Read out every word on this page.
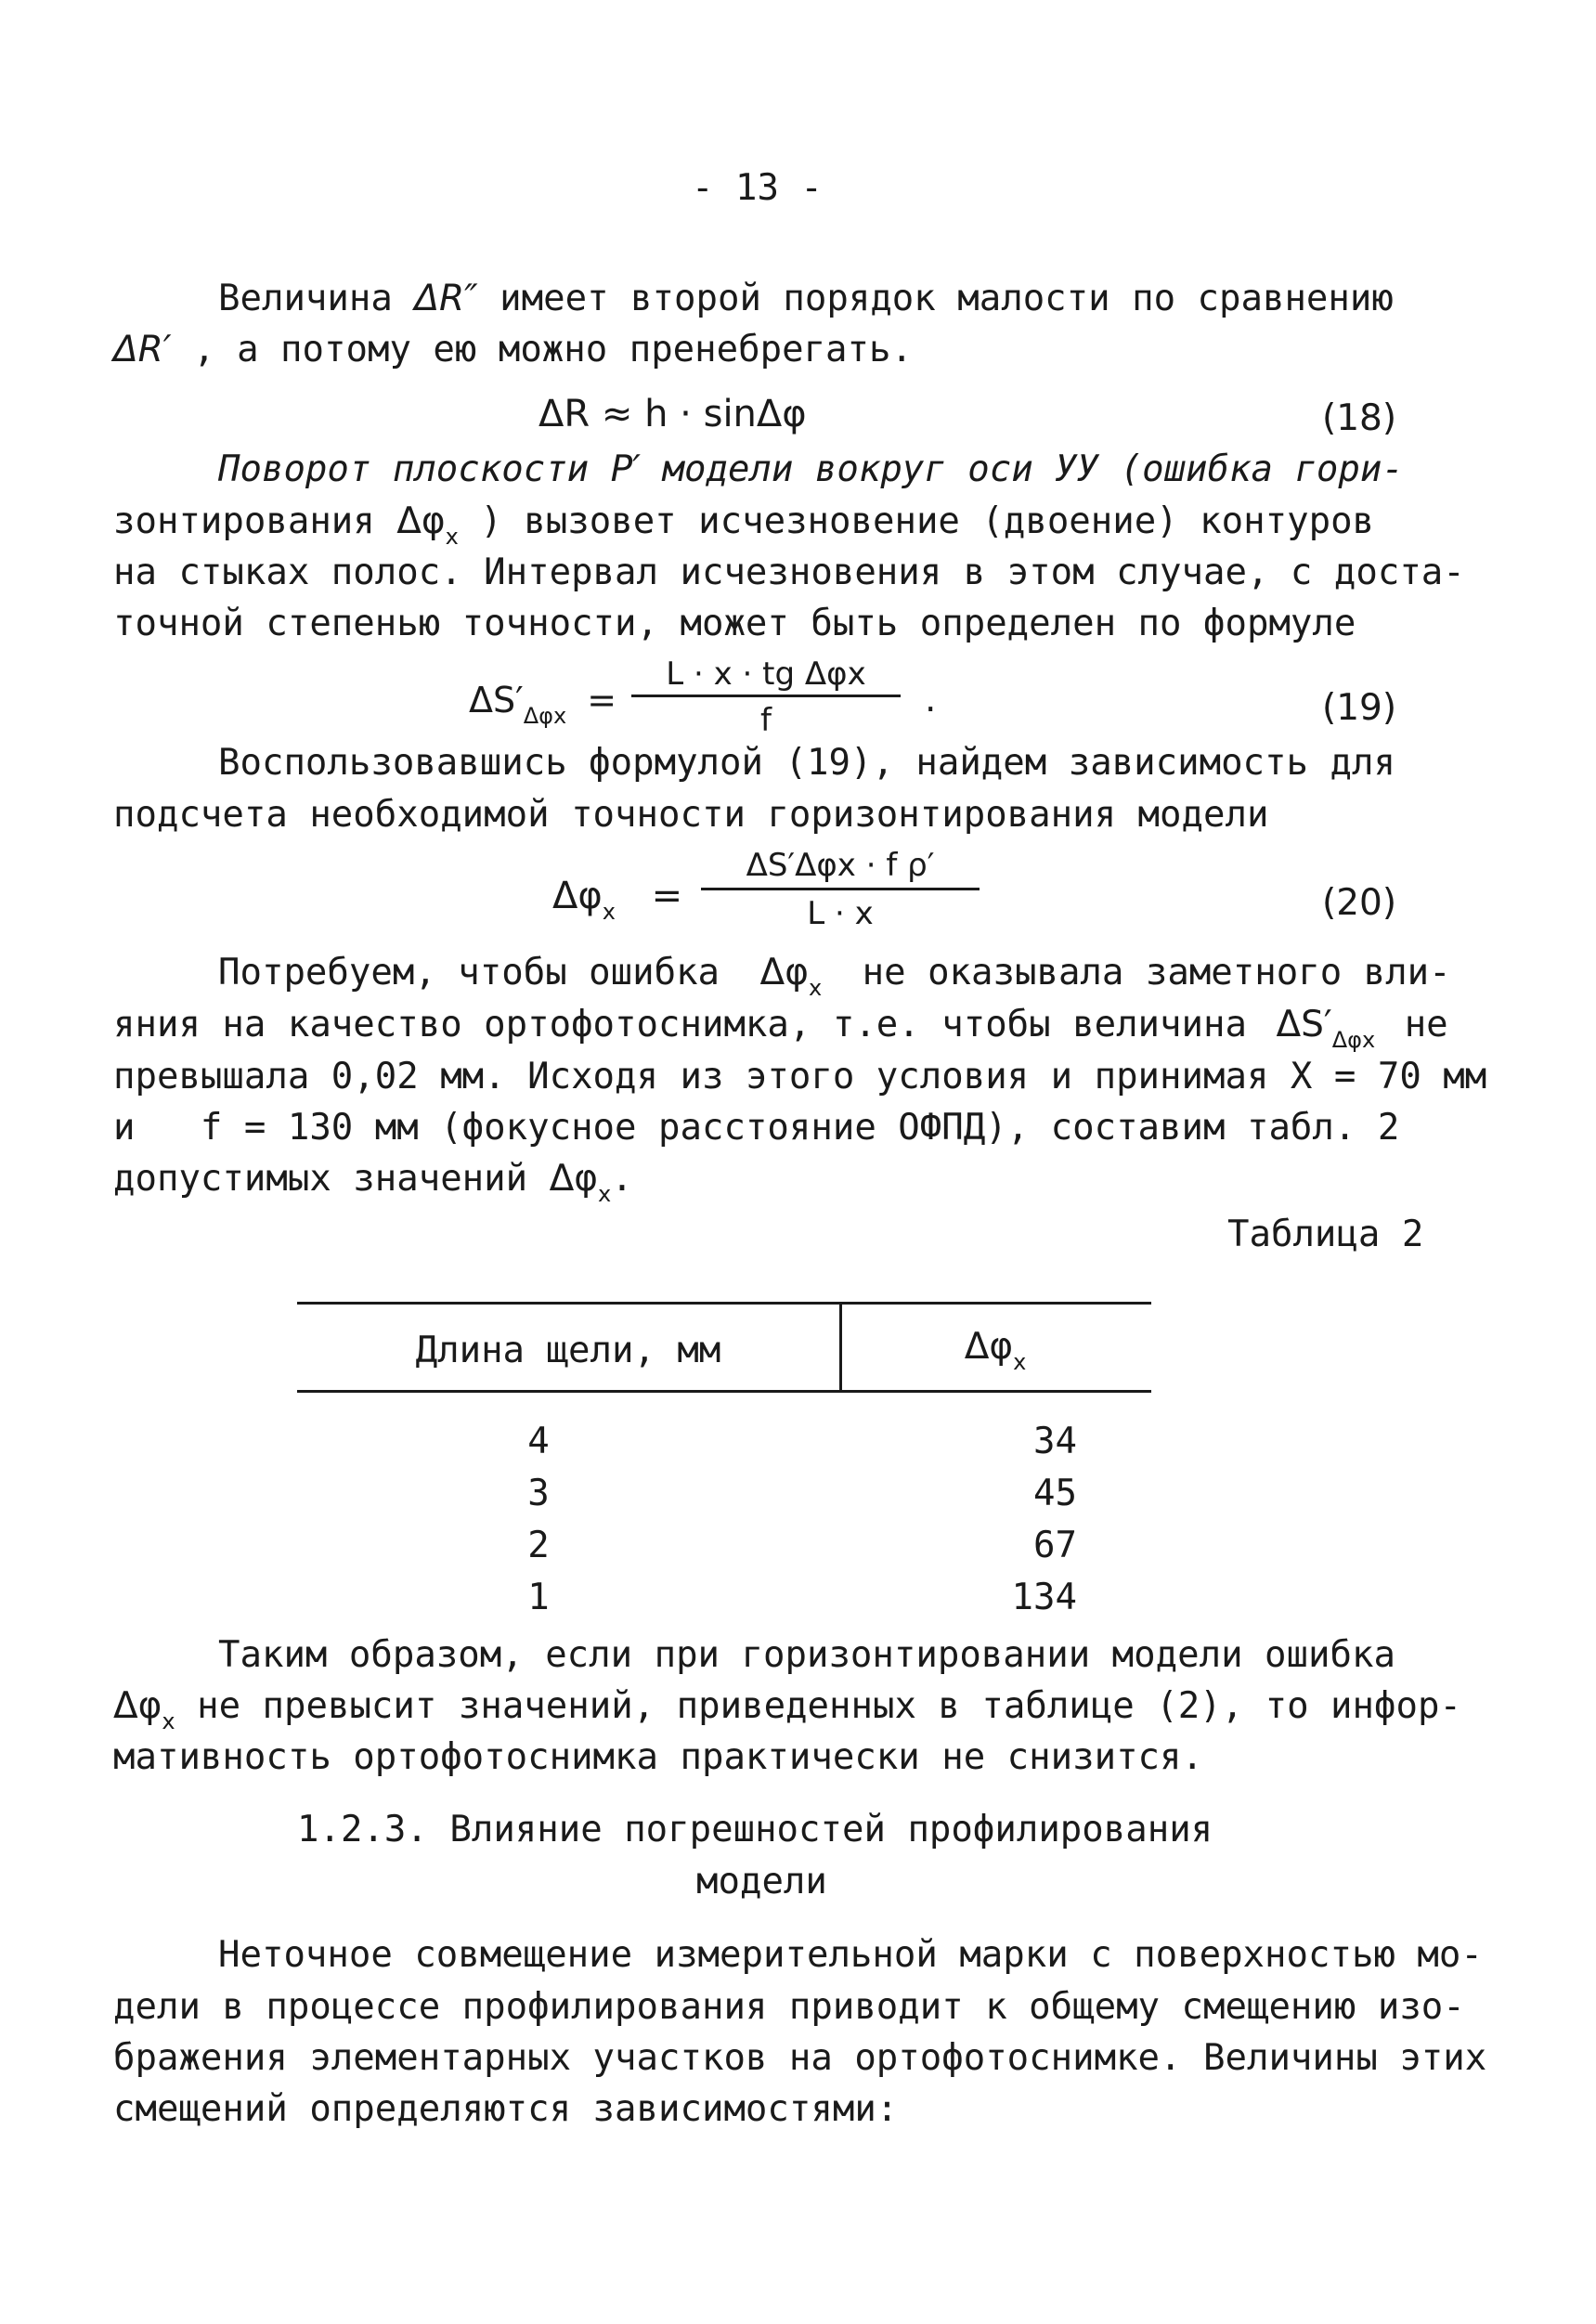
- 13 -
Величина ΔR″ имеет второй порядок малости по сравнению
ΔR′ , а потому ею можно пренебрегать.
ΔR ≈ h · sinΔφ	(18)
Поворот плоскости P′ модели вокруг оси УУ (ошибка гори-
зонтирования $\Delta\varphi_x$ ) вызовет исчезновение (двоение) контуров
на стыках полос. Интервал исчезновения в этом случае, с доста-
точной степенью точности, может быть определен по формуле
$\Delta S'_{\Delta\varphi x}$ =
L · x · tg Δφx
f	.	(19)
Воспользовавшись формулой (19), найдем зависимость для
подсчета необходимой точности горизонтирования модели
$\Delta\varphi_x$ =
ΔS′Δφx · f ρ′
L · x	(20)
Потребуем, чтобы ошибка $\Delta\varphi_x$ не оказывала заметного вли-
яния на качество ортофотоснимка, т.е. чтобы величина $\Delta S'_{\Delta\varphi x}$ не
превышала 0,02 мм. Исходя из этого условия и принимая X = 70 мм
и   f = 130 мм (фокусное расстояние ОФПД), составим табл. 2
допустимых значений $\Delta\varphi_x$.
Таблица 2
Длина щели, мм	$\Delta\varphi_x$
4	34
3	45
2	67
1	134
Таким образом, если при горизонтировании модели ошибка
$\Delta\varphi_x$ не превысит значений, приведенных в таблице (2), то инфор-
мативность ортофотоснимка практически не снизится.
1.2.3. Влияние погрешностей профилирования
модели
Неточное совмещение измерительной марки с поверхностью мо-
дели в процессе профилирования приводит к общему смещению изо-
бражения элементарных участков на ортофотоснимке. Величины этих
смещений определяются зависимостями:
